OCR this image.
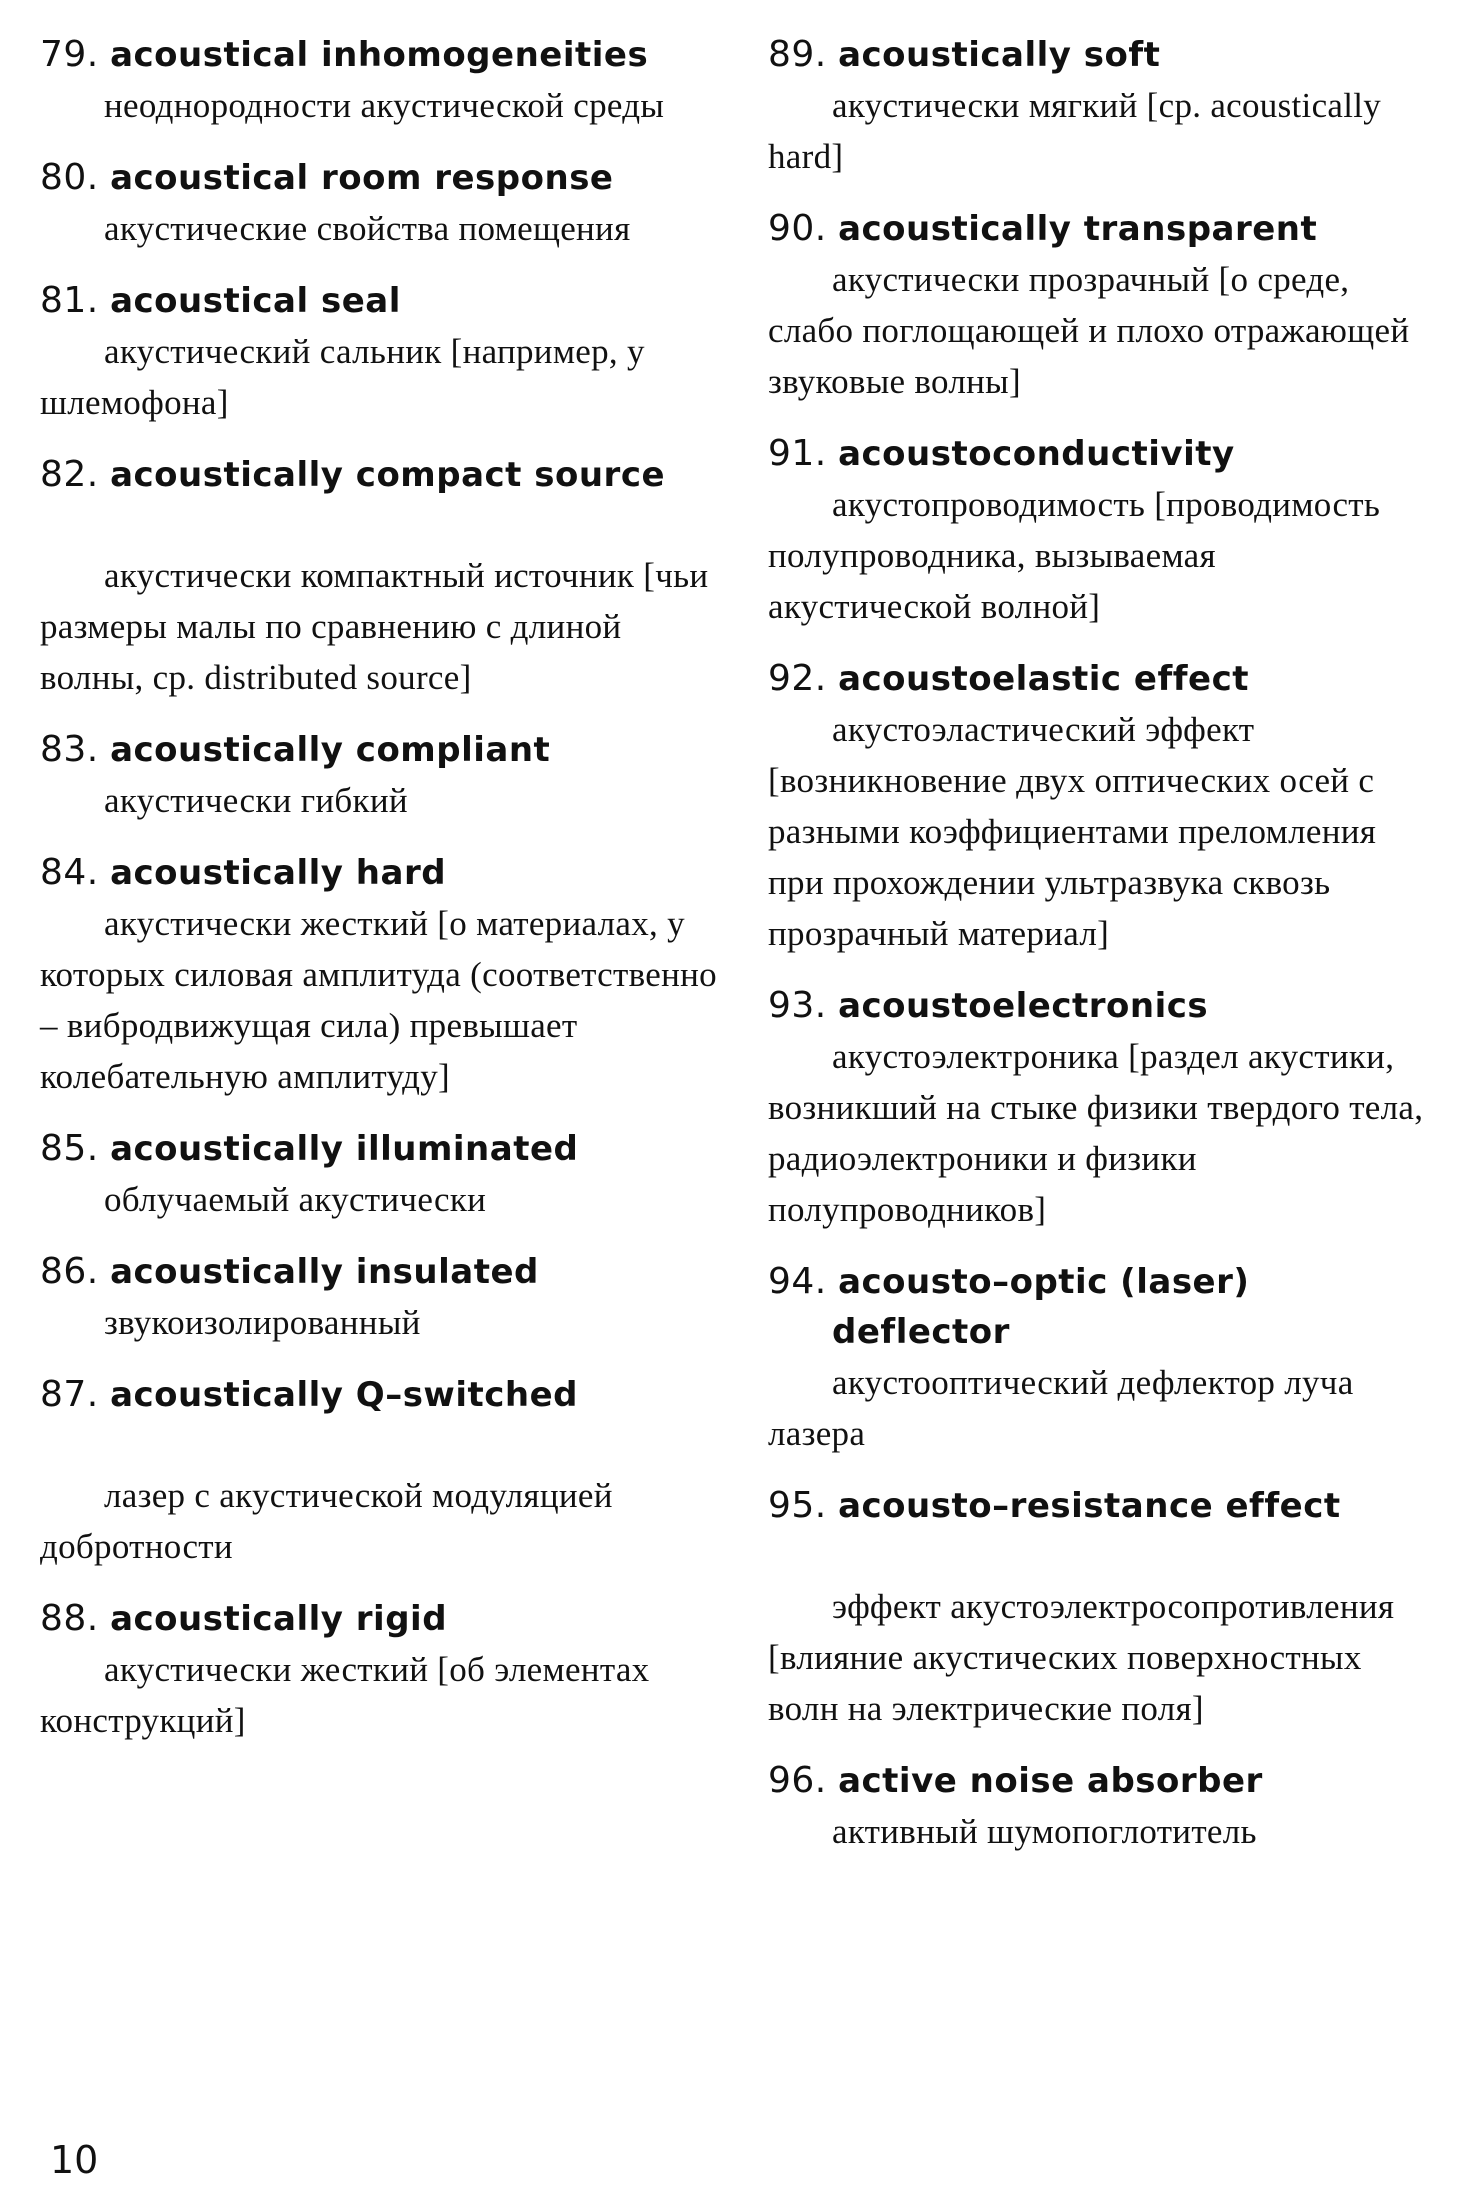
79. acoustical inhomogeneities

неоднородности акустической среды

80. acoustical room response

акустические свойства помещения

81. acoustical seal

акустический сальник [например, у шлемофона]

82. acoustically compact source

акустически компактный источник [чьи размеры малы по сравнению с длиной волны, ср. distributed source]

83. acoustically compliant

акустически гибкий

84. acoustically hard

акустически жесткий [о материалах, у которых силовая амплитуда (соответственно – вибродвижущая сила) превышает колебательную амплитуду]

85. acoustically illuminated

облучаемый акустически

86. acoustically insulated

звукоизолированный

87. acoustically Q–switched

лазер с акустической модуляцией добротности

88. acoustically rigid

акустически жесткий [об элементах конструкций]

89. acoustically soft

акустически мягкий [ср. acoustically hard]

90. acoustically transparent

акустически прозрачный [о среде, слабо поглощающей и плохо отражающей звуковые волны]

91. acoustoconductivity

акустопроводимость [проводимость полупроводника, вызываемая акустической волной]

92. acoustoelastic effect

акустоэластический эффект [возникновение двух оптических осей с разными коэффициентами преломления при прохождении ультразвука сквозь прозрачный материал]

93. acoustoelectronics

акустоэлектроника [раздел акустики, возникший на стыке физики твердого тела, радиоэлектроники и физики полупроводников]

94. acousto–optic (laser)
deflector

акустооптический дефлектор луча лазера

95. acousto–resistance effect

эффект акустоэлектросопротивления [влияние акустических поверхностных волн на электрические поля]

96. active noise absorber

активный шумопоглотитель

10
